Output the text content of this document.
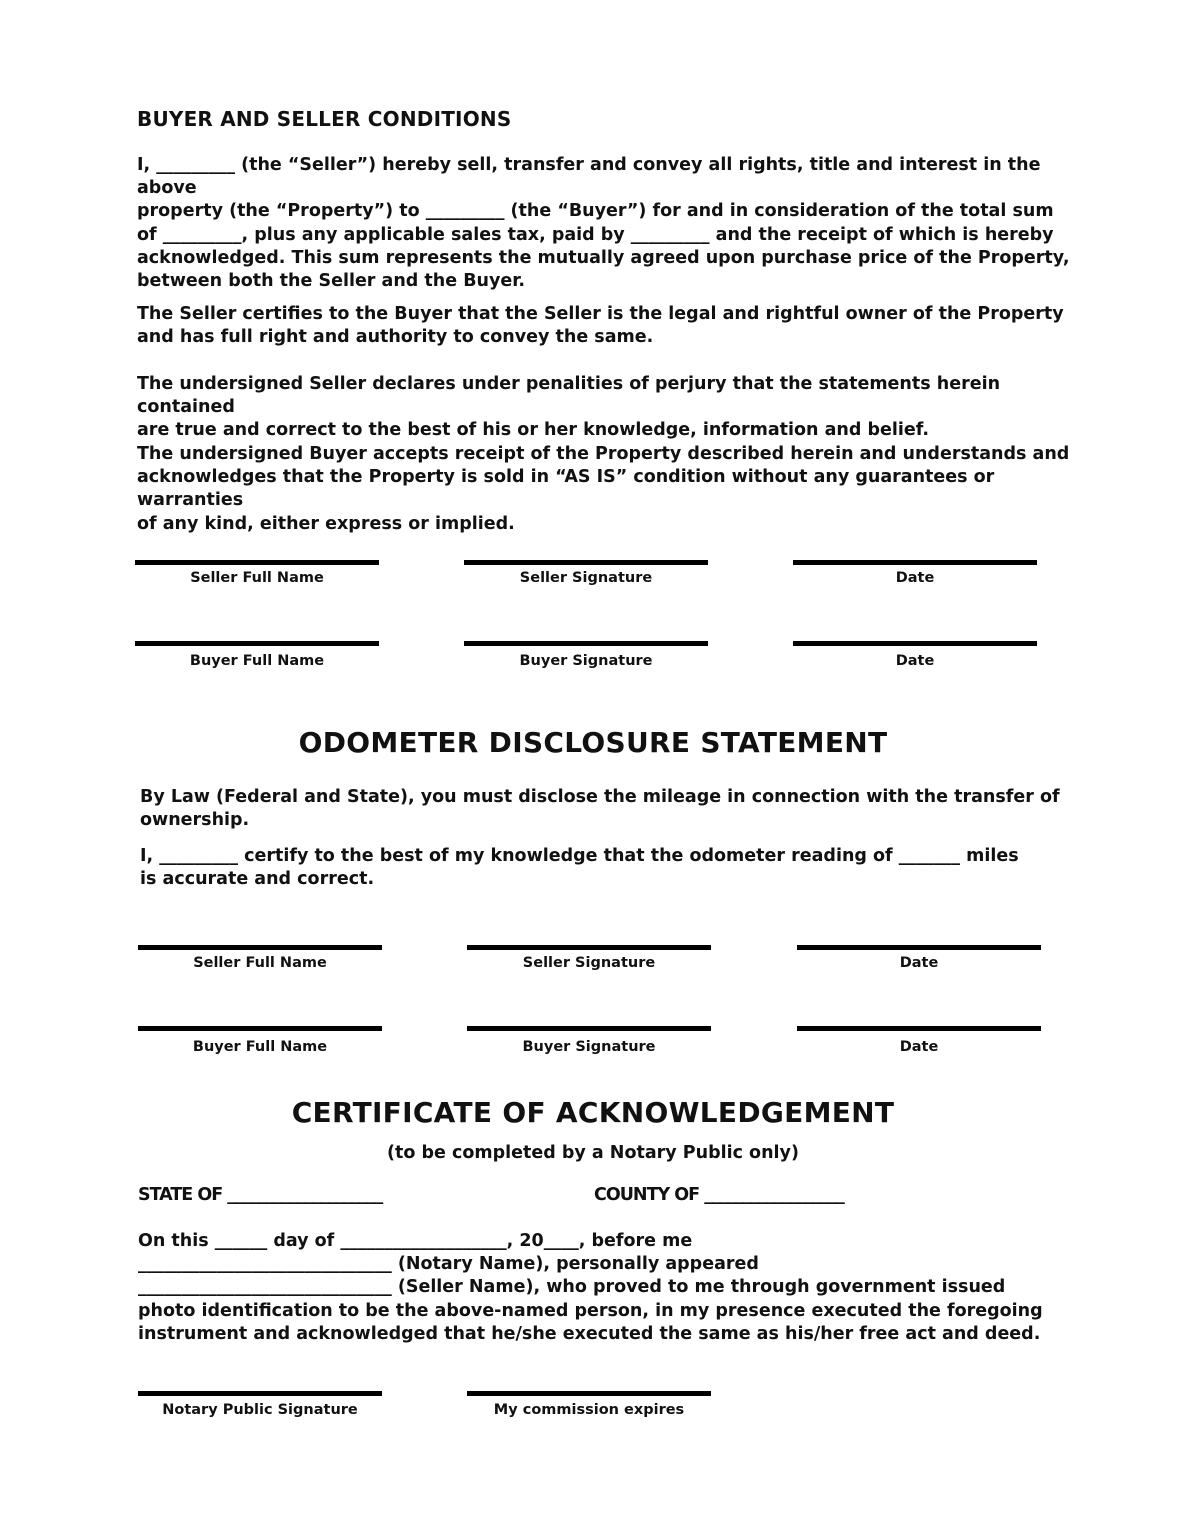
BUYER AND SELLER CONDITIONS
I, _________ (the “Seller”) hereby sell, transfer and convey all rights, title and interest in the above
property (the “Property”) to _________ (the “Buyer”) for and in consideration of the total sum
of _________, plus any applicable sales tax, paid by _________ and the receipt of which is hereby
acknowledged. This sum represents the mutually agreed upon purchase price of the Property,
between both the Seller and the Buyer.
The Seller certifies to the Buyer that the Seller is the legal and rightful owner of the Property
and has full right and authority to convey the same.
The undersigned Seller declares under penalities of perjury that the statements herein contained
are true and correct to the best of his or her knowledge, information and belief.
The undersigned Buyer accepts receipt of the Property described herein and understands and
acknowledges that the Property is sold in “AS IS” condition without any guarantees or warranties
of any kind, either express or implied.
Seller Full Name	Seller Signature	Date
Buyer Full Name	Buyer Signature	Date
ODOMETER DISCLOSURE STATEMENT
By Law (Federal and State), you must disclose the mileage in connection with the transfer of
ownership.
I, _________ certify to the best of my knowledge that the odometer reading of _______ miles
is accurate and correct.
Seller Full Name	Seller Signature	Date
Buyer Full Name	Buyer Signature	Date
CERTIFICATE OF ACKNOWLEDGEMENT
(to be completed by a Notary Public only)
STATE OF ____________________	COUNTY OF __________________
On this ______ day of ___________________, 20____, before me
_____________________________ (Notary Name), personally appeared
_____________________________ (Seller Name), who proved to me through government issued
photo identification to be the above-named person, in my presence executed the foregoing
instrument and acknowledged that he/she executed the same as his/her free act and deed.
Notary Public Signature	My commission expires
